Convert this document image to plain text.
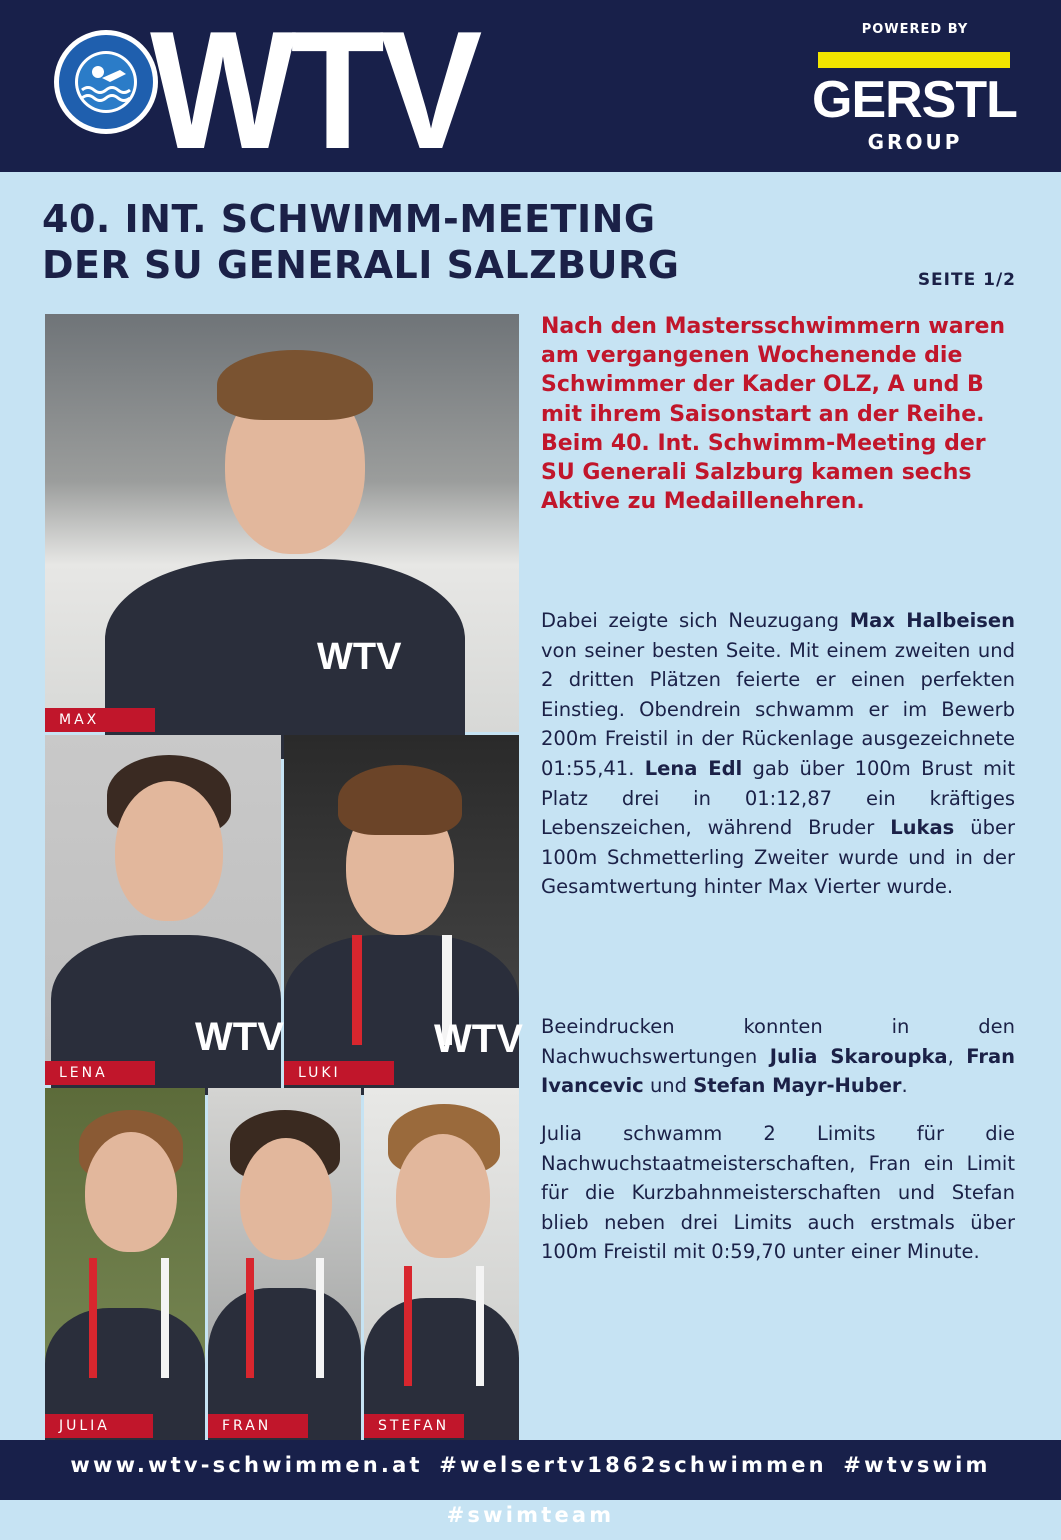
WTV	POWERED BY
GERSTL
GROUP
40. INT. SCHWIMM-MEETING
DER SU GENERALI SALZBURG	SEITE 1/2
WTV
MAX
WTV
LENA
WTV
LUKI
JULIA	FRAN	STEFAN
Nach den Mastersschwimmern waren am vergangenen Wochenende die Schwimmer der Kader OLZ, A und B mit ihrem Saisonstart an der Reihe.
Beim 40. Int. Schwimm-Meeting der SU Generali Salzburg kamen sechs Aktive zu Medaillenehren.
Dabei zeigte sich Neuzugang Max Halbeisen von seiner besten Seite. Mit einem zweiten und 2 dritten Plätzen feierte er einen perfekten Einstieg. Obendrein schwamm er im Bewerb 200m Freistil in der Rückenlage ausgezeichnete 01:55,41. Lena Edl gab über 100m Brust mit Platz drei in 01:12,87 ein kräftiges Lebenszeichen, während Bruder Lukas über 100m Schmetterling Zweiter wurde und in der Gesamtwertung hinter Max Vierter wurde.
Beeindrucken konnten in den Nachwuchswertungen Julia Skaroupka, Fran Ivancevic und Stefan Mayr-Huber.
Julia schwamm 2 Limits für die Nachwuchstaatmeisterschaften, Fran ein Limit für die Kurzbahnmeisterschaften und Stefan blieb neben drei Limits auch erstmals über 100m Freistil mit 0:59,70 unter einer Minute.
www.wtv-schwimmen.at #welsertv1862schwimmen #wtvswim #swimteam
